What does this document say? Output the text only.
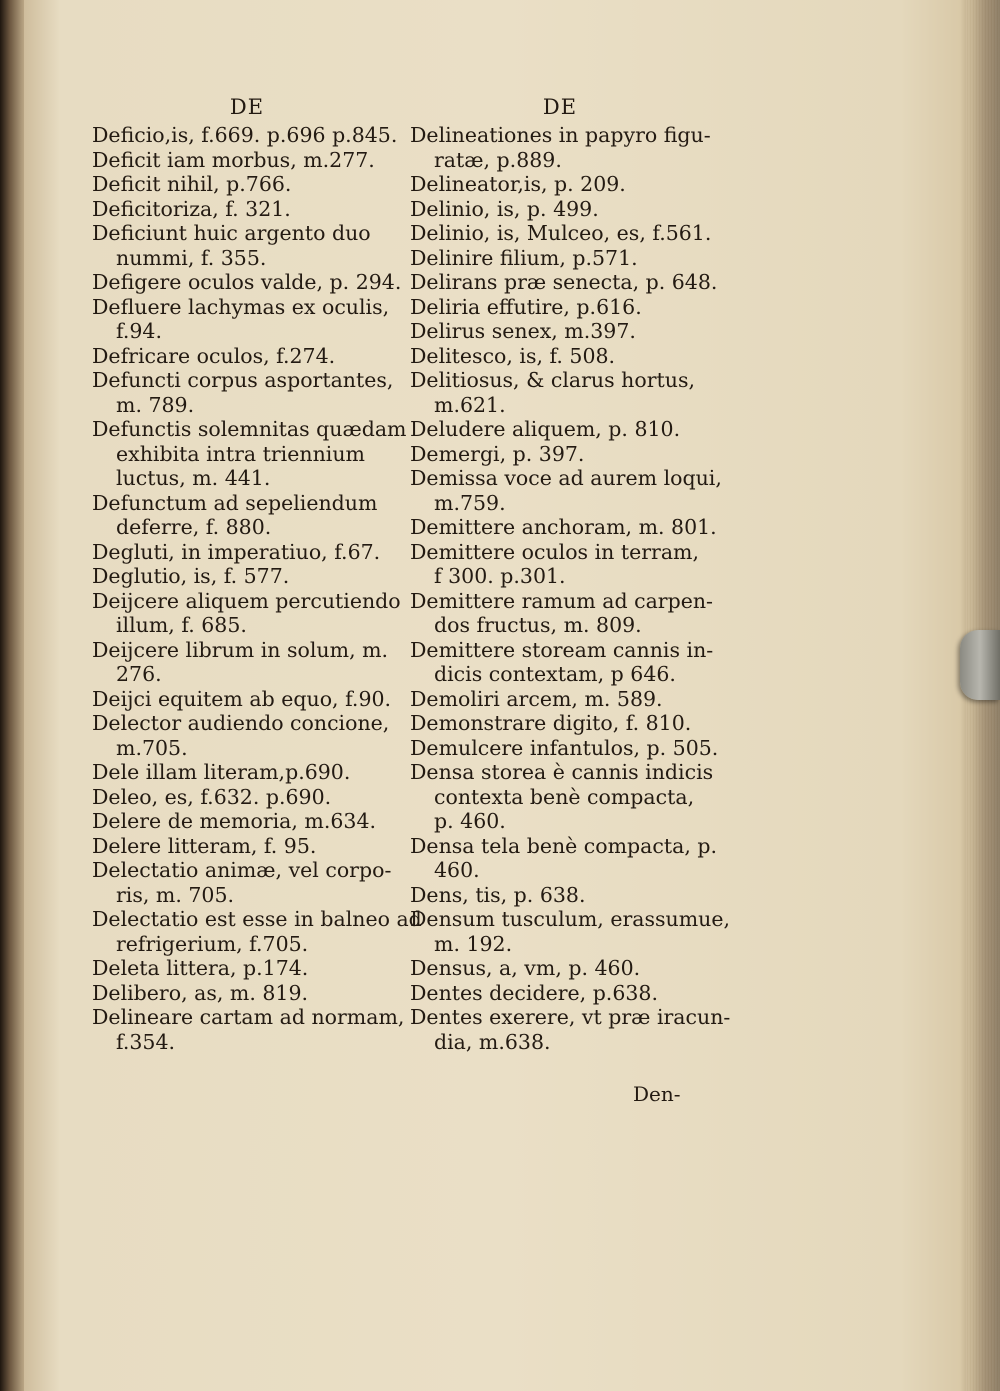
DE
Deficio,is, f.669. p.696 p.845.
Deficit iam morbus, m.277.
Deficit nihil, p.766.
Deficitoriza, f. 321.
Deficiunt huic argento duo
nummi, f. 355.
Defigere oculos valde, p. 294.
Defluere lachymas ex oculis,
f.94.
Defricare oculos, f.274.
Defuncti corpus asportantes,
m. 789.
Defunctis solemnitas quædam
exhibita intra triennium
luctus, m. 441.
Defunctum ad sepeliendum
deferre, f. 880.
Degluti, in imperatiuo, f.67.
Deglutio, is, f. 577.
Deijcere aliquem percutiendo
illum, f. 685.
Deijcere librum in solum, m.
276.
Deijci equitem ab equo, f.90.
Delector audiendo concione,
m.705.
Dele illam literam,p.690.
Deleo, es, f.632. p.690.
Delere de memoria, m.634.
Delere litteram, f. 95.
Delectatio animæ, vel corpo-
ris, m. 705.
Delectatio est esse in balneo ad
refrigerium, f.705.
Deleta littera, p.174.
Delibero, as, m. 819.
Delineare cartam ad normam,
f.354.
DE
Delineationes in papyro figu-
ratæ, p.889.
Delineator,is, p. 209.
Delinio, is, p. 499.
Delinio, is, Mulceo, es, f.561.
Delinire filium, p.571.
Delirans præ senecta, p. 648.
Deliria effutire, p.616.
Delirus senex, m.397.
Delitesco, is, f. 508.
Delitiosus, & clarus hortus,
m.621.
Deludere aliquem, p. 810.
Demergi, p. 397.
Demissa voce ad aurem loqui,
m.759.
Demittere anchoram, m. 801.
Demittere oculos in terram,
f 300. p.301.
Demittere ramum ad carpen-
dos fructus, m. 809.
Demittere stoream cannis in-
dicis contextam, p 646.
Demoliri arcem, m. 589.
Demonstrare digito, f. 810.
Demulcere infantulos, p. 505.
Densa storea è cannis indicis
contexta benè compacta,
p. 460.
Densa tela benè compacta, p.
460.
Dens, tis, p. 638.
Densum tusculum, erassumue,
m. 192.
Densus, a, vm, p. 460.
Dentes decidere, p.638.
Dentes exerere, vt præ iracun-
dia, m.638.
Den-
